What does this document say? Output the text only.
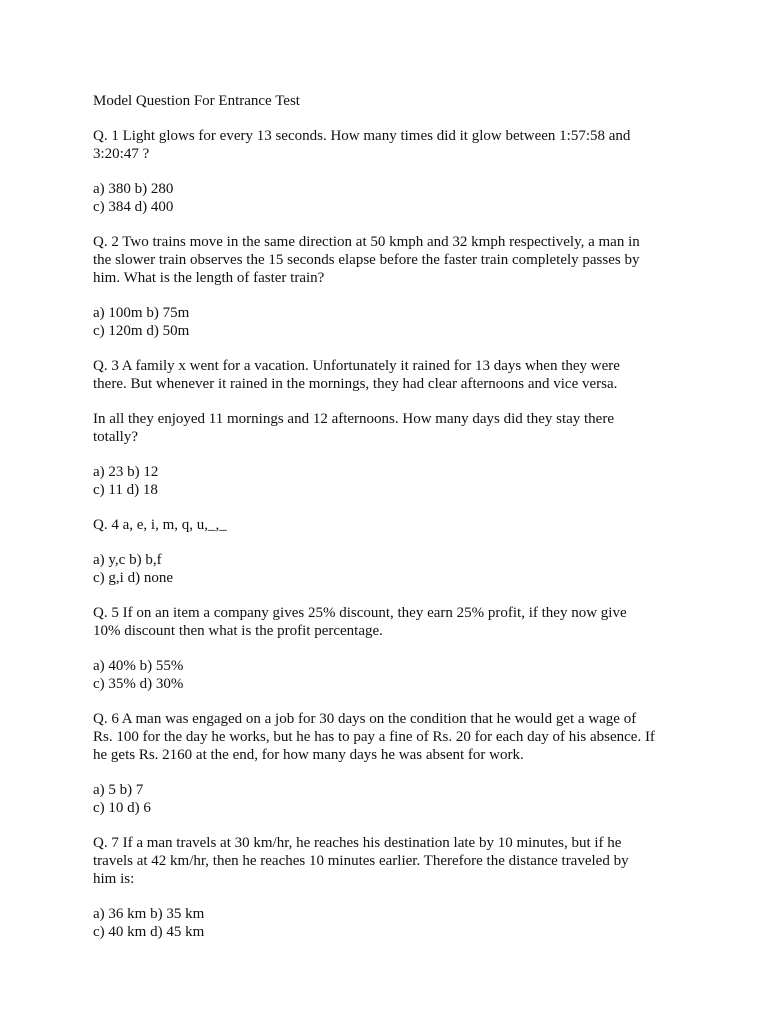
Model Question For Entrance Test
Q. 1 Light glows for every 13 seconds. How many times did it glow between 1:57:58 and
3:20:47 ?
a) 380 b) 280
c) 384 d) 400
Q. 2 Two trains move in the same direction at 50 kmph and 32 kmph respectively, a man in
the slower train observes the 15 seconds elapse before the faster train completely passes by
him. What is the length of faster train?
a) 100m b) 75m
c) 120m d) 50m
Q. 3 A family x went for a vacation. Unfortunately it rained for 13 days when they were
there. But whenever it rained in the mornings, they had clear afternoons and vice versa.
In all they enjoyed 11 mornings and 12 afternoons. How many days did they stay there
totally?
a) 23 b) 12
c) 11 d) 18
Q. 4 a, e, i, m, q, u,_,_
a) y,c b) b,f
c) g,i d) none
Q. 5 If on an item a company gives 25% discount, they earn 25% profit, if they now give
10% discount then what is the profit percentage.
a) 40% b) 55%
c) 35% d) 30%
Q. 6 A man was engaged on a job for 30 days on the condition that he would get a wage of
Rs. 100 for the day he works, but he has to pay a fine of Rs. 20 for each day of his absence. If
he gets Rs. 2160 at the end, for how many days he was absent for work.
a) 5 b) 7
c) 10 d) 6
Q. 7 If a man travels at 30 km/hr, he reaches his destination late by 10 minutes, but if he
travels at 42 km/hr, then he reaches 10 minutes earlier. Therefore the distance traveled by
him is:
a) 36 km b) 35 km
c) 40 km d) 45 km
